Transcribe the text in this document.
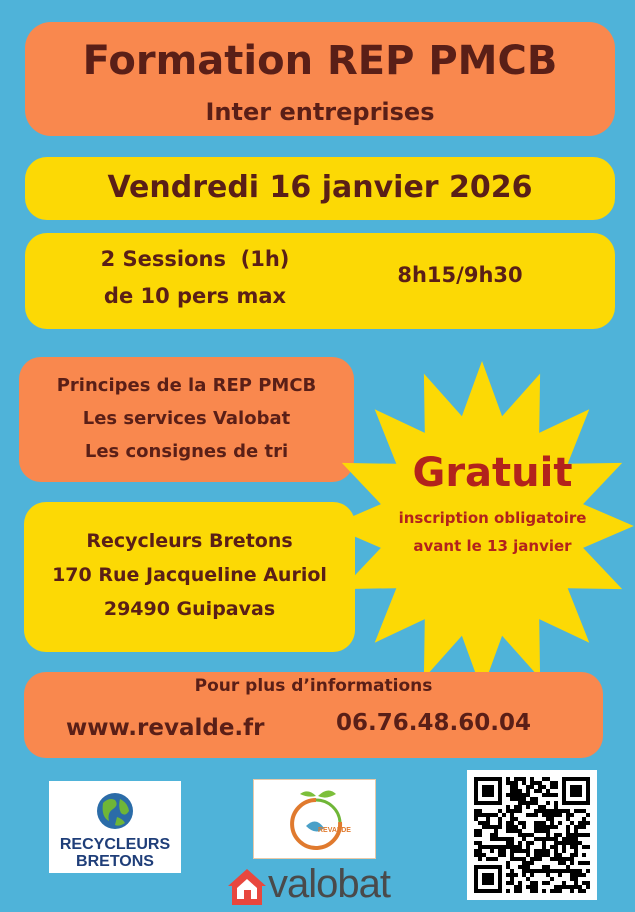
Formation REP PMCB
Inter entreprises
Vendredi 16 janvier 2026
2 Sessions  (1h)
de 10 pers max
8h15/9h30
Principes de la REP PMCB
Les services Valobat
Les consignes de tri	Gratuit
inscription obligatoire
avant le 13 janvier
Recycleurs Bretons
170 Rue Jacqueline Auriol
29490 Guipavas
Pour plus d’informations
www.revalde.fr	06.76.48.60.04
RECYCLEURS
BRETONS
REVALDE
valobat
